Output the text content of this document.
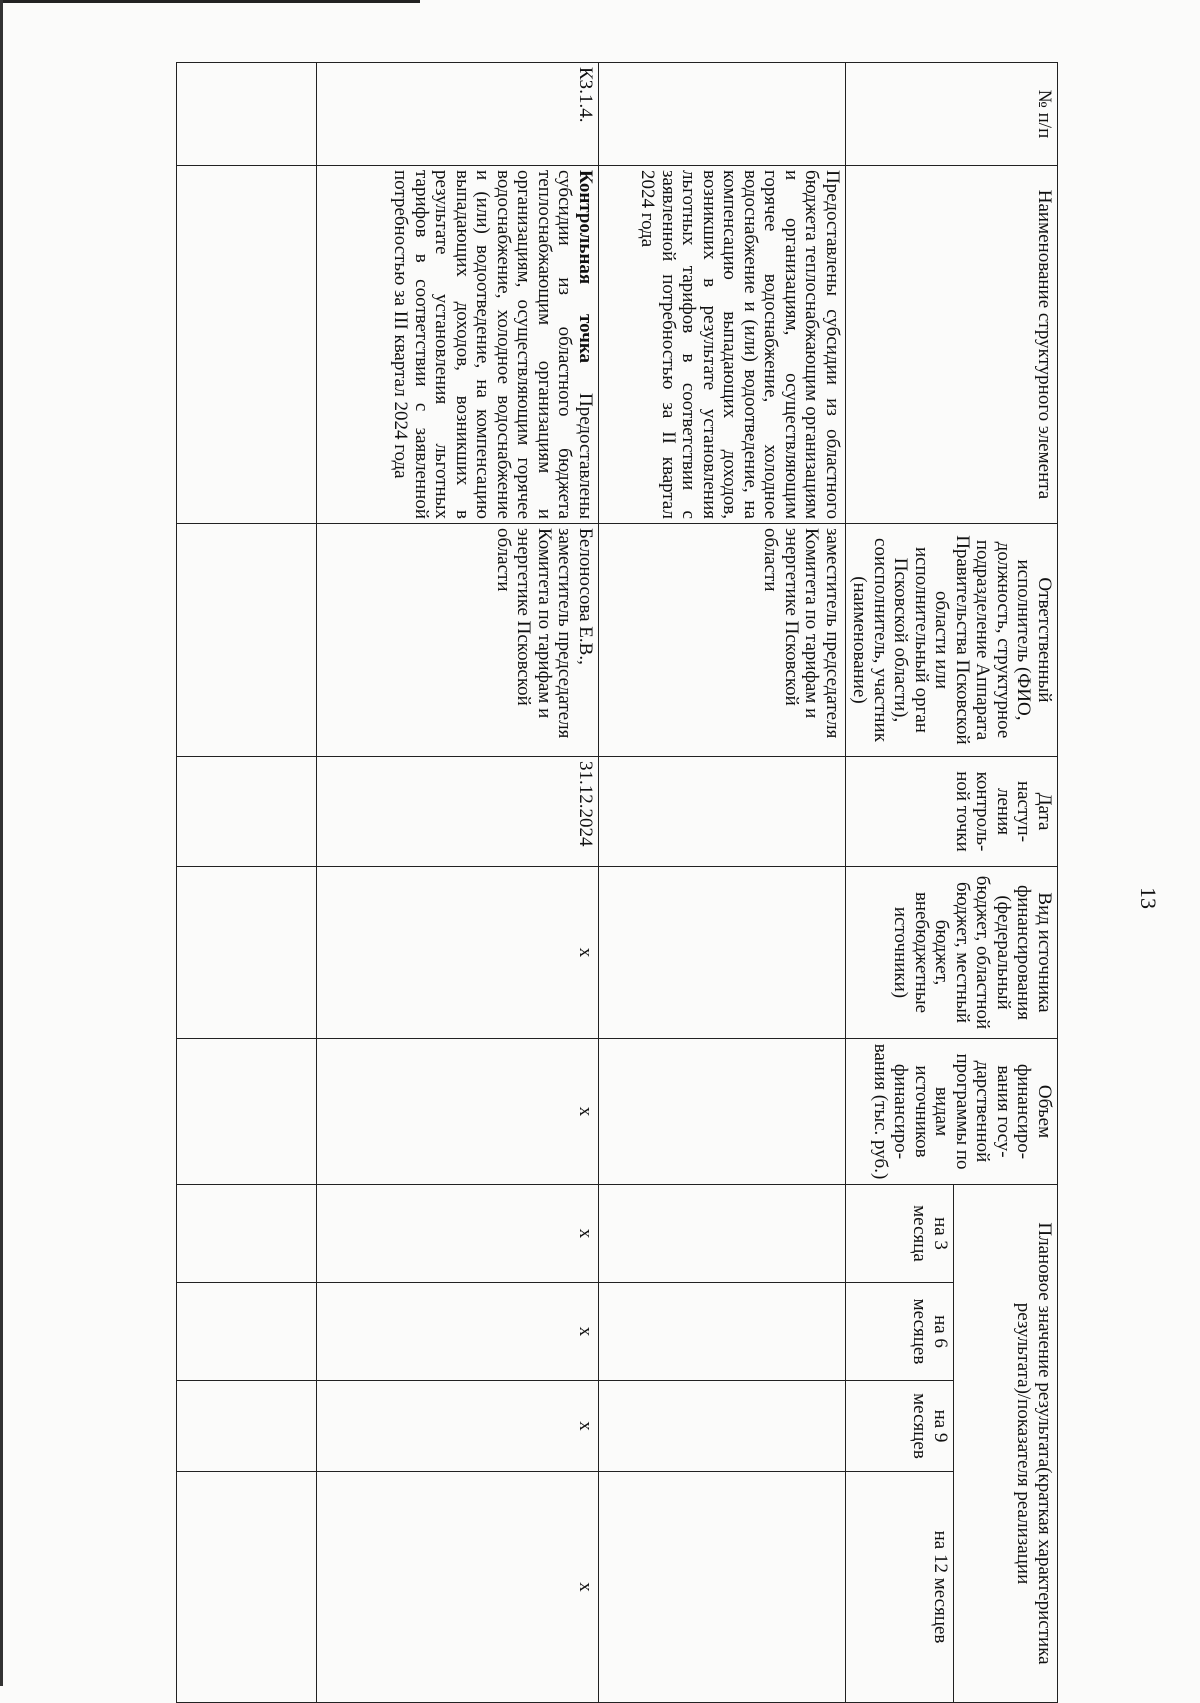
13
№ п/п	Наименование структурного элемента	Ответственный исполнитель (ФИО, должность, структурное подразделение Аппарата Правительства Псковской области или исполнительный орган Псковской области), соисполнитель, участник (наименование)	Дата наступ-ления контроль-ной точки	Вид источника финансирования (федеральный бюджет, областной бюджет, местный бюджет, внебюджетные источники)	Объем финансиро-вания госу-дарственной программы по видам источников финансиро-вания (тыс. руб.)	Плановое значение результата(краткая характеристика результата)/показателя реализации			
						на 3 месяца	на 6 месяцев	на 9 месяцев	на 12 месяцев
	Предоставлены субсидии из областного бюджета теплоснабжающим организациям и организациям, осуществляющим горячее водоснабжение, холодное водоснабжение и (или) водоотведение, на компенсацию выпадающих доходов, возникших в результате установления льготных тарифов в соответствии с заявленной потребностью за II квартал 2024 года	заместитель председателя Комитета по тарифам и энергетике Псковской области							
КЗ.1.4.	Контрольная точка Предоставлены субсидии из областного бюджета теплоснабжающим организациям и организациям, осуществляющим горячее водоснабжение, холодное водоснабжение и (или) водоотведение, на компенсацию выпадающих доходов, возникших в результате установления льготных тарифов в соответствии с заявленной потребностью за III квартал 2024 года	Белоносова Е.В., заместитель председателя Комитета по тарифам и энергетике Псковской области	31.12.2024	х	х	х	х	х	х
